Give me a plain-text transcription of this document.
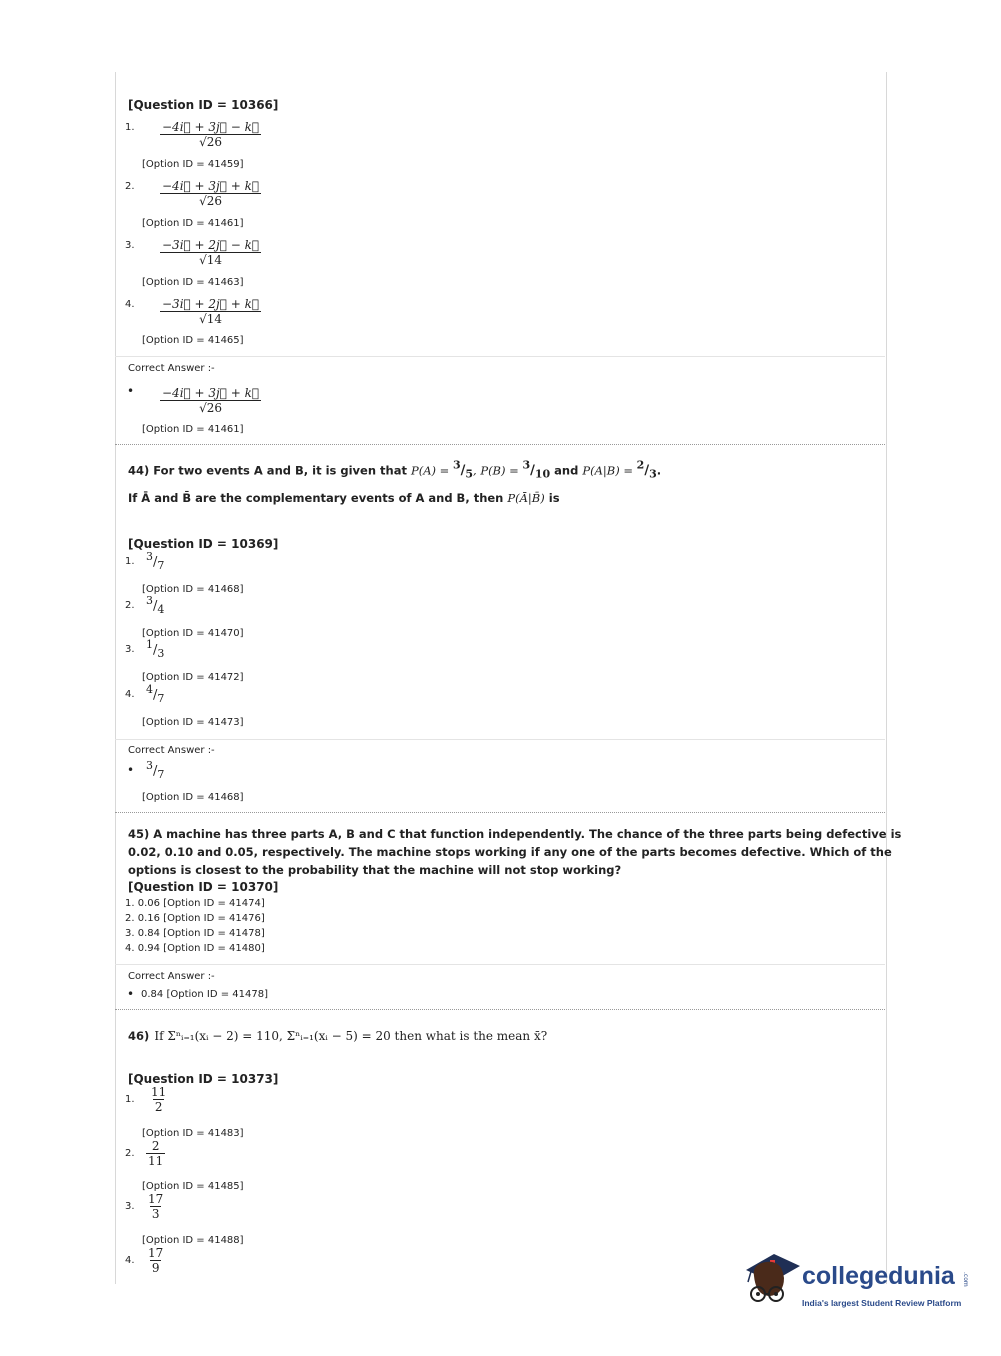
[Question ID = 10366]
1. $\frac{-4i⃗ + 3j⃗ - k⃗}{√26}$
[Option ID = 41459]
2. $\frac{-4i⃗ + 3j⃗ + k⃗}{√26}$
[Option ID = 41461]
3. $\frac{-3i⃗ + 2j⃗ - k⃗}{√14}$
[Option ID = 41463]
4. $\frac{-3i⃗ + 2j⃗ + k⃗}{√14}$
[Option ID = 41465]
Correct Answer :-
• $\frac{-4i⃗ + 3j⃗ + k⃗}{√26}$
[Option ID = 41461]
44) For two events A and B, it is given that $P(A) = ^3/_5$, $P(B) = ^3/_{10}$ and $P(A|B) = ^2/_3$.
If Ā and B̄ are the complementary events of A and B, then P(Ā|B̄) is
[Question ID = 10369]
1. $^3/_7$
[Option ID = 41468]
2. $^3/_4$
[Option ID = 41470]
3. $^1/_3$
[Option ID = 41472]
4. $^4/_7$
[Option ID = 41473]
Correct Answer :-
• $^3/_7$
[Option ID = 41468]
45) A machine has three parts A, B and C that function independently. The chance of the three parts being defective is
0.02, 0.10 and 0.05, respectively. The machine stops working if any one of the parts becomes defective. Which of the
options is closest to the probability that the machine will not stop working?
[Question ID = 10370]
1. 0.06 [Option ID = 41474]
2. 0.16 [Option ID = 41476]
3. 0.84 [Option ID = 41478]
4. 0.94 [Option ID = 41480]
Correct Answer :-
• 0.84 [Option ID = 41478]
46) If Σⁿᵢ₌₁(xᵢ − 2) = 110, Σⁿᵢ₌₁(xᵢ − 5) = 20 then what is the mean x̄?
[Question ID = 10373]
1. $\frac{11}{2}$
[Option ID = 41483]
2. $\frac{2}{11}$
[Option ID = 41485]
3. $\frac{17}{3}$
[Option ID = 41488]
4. $\frac{17}{9}$
collegedunia .com
India's largest Student Review Platform
